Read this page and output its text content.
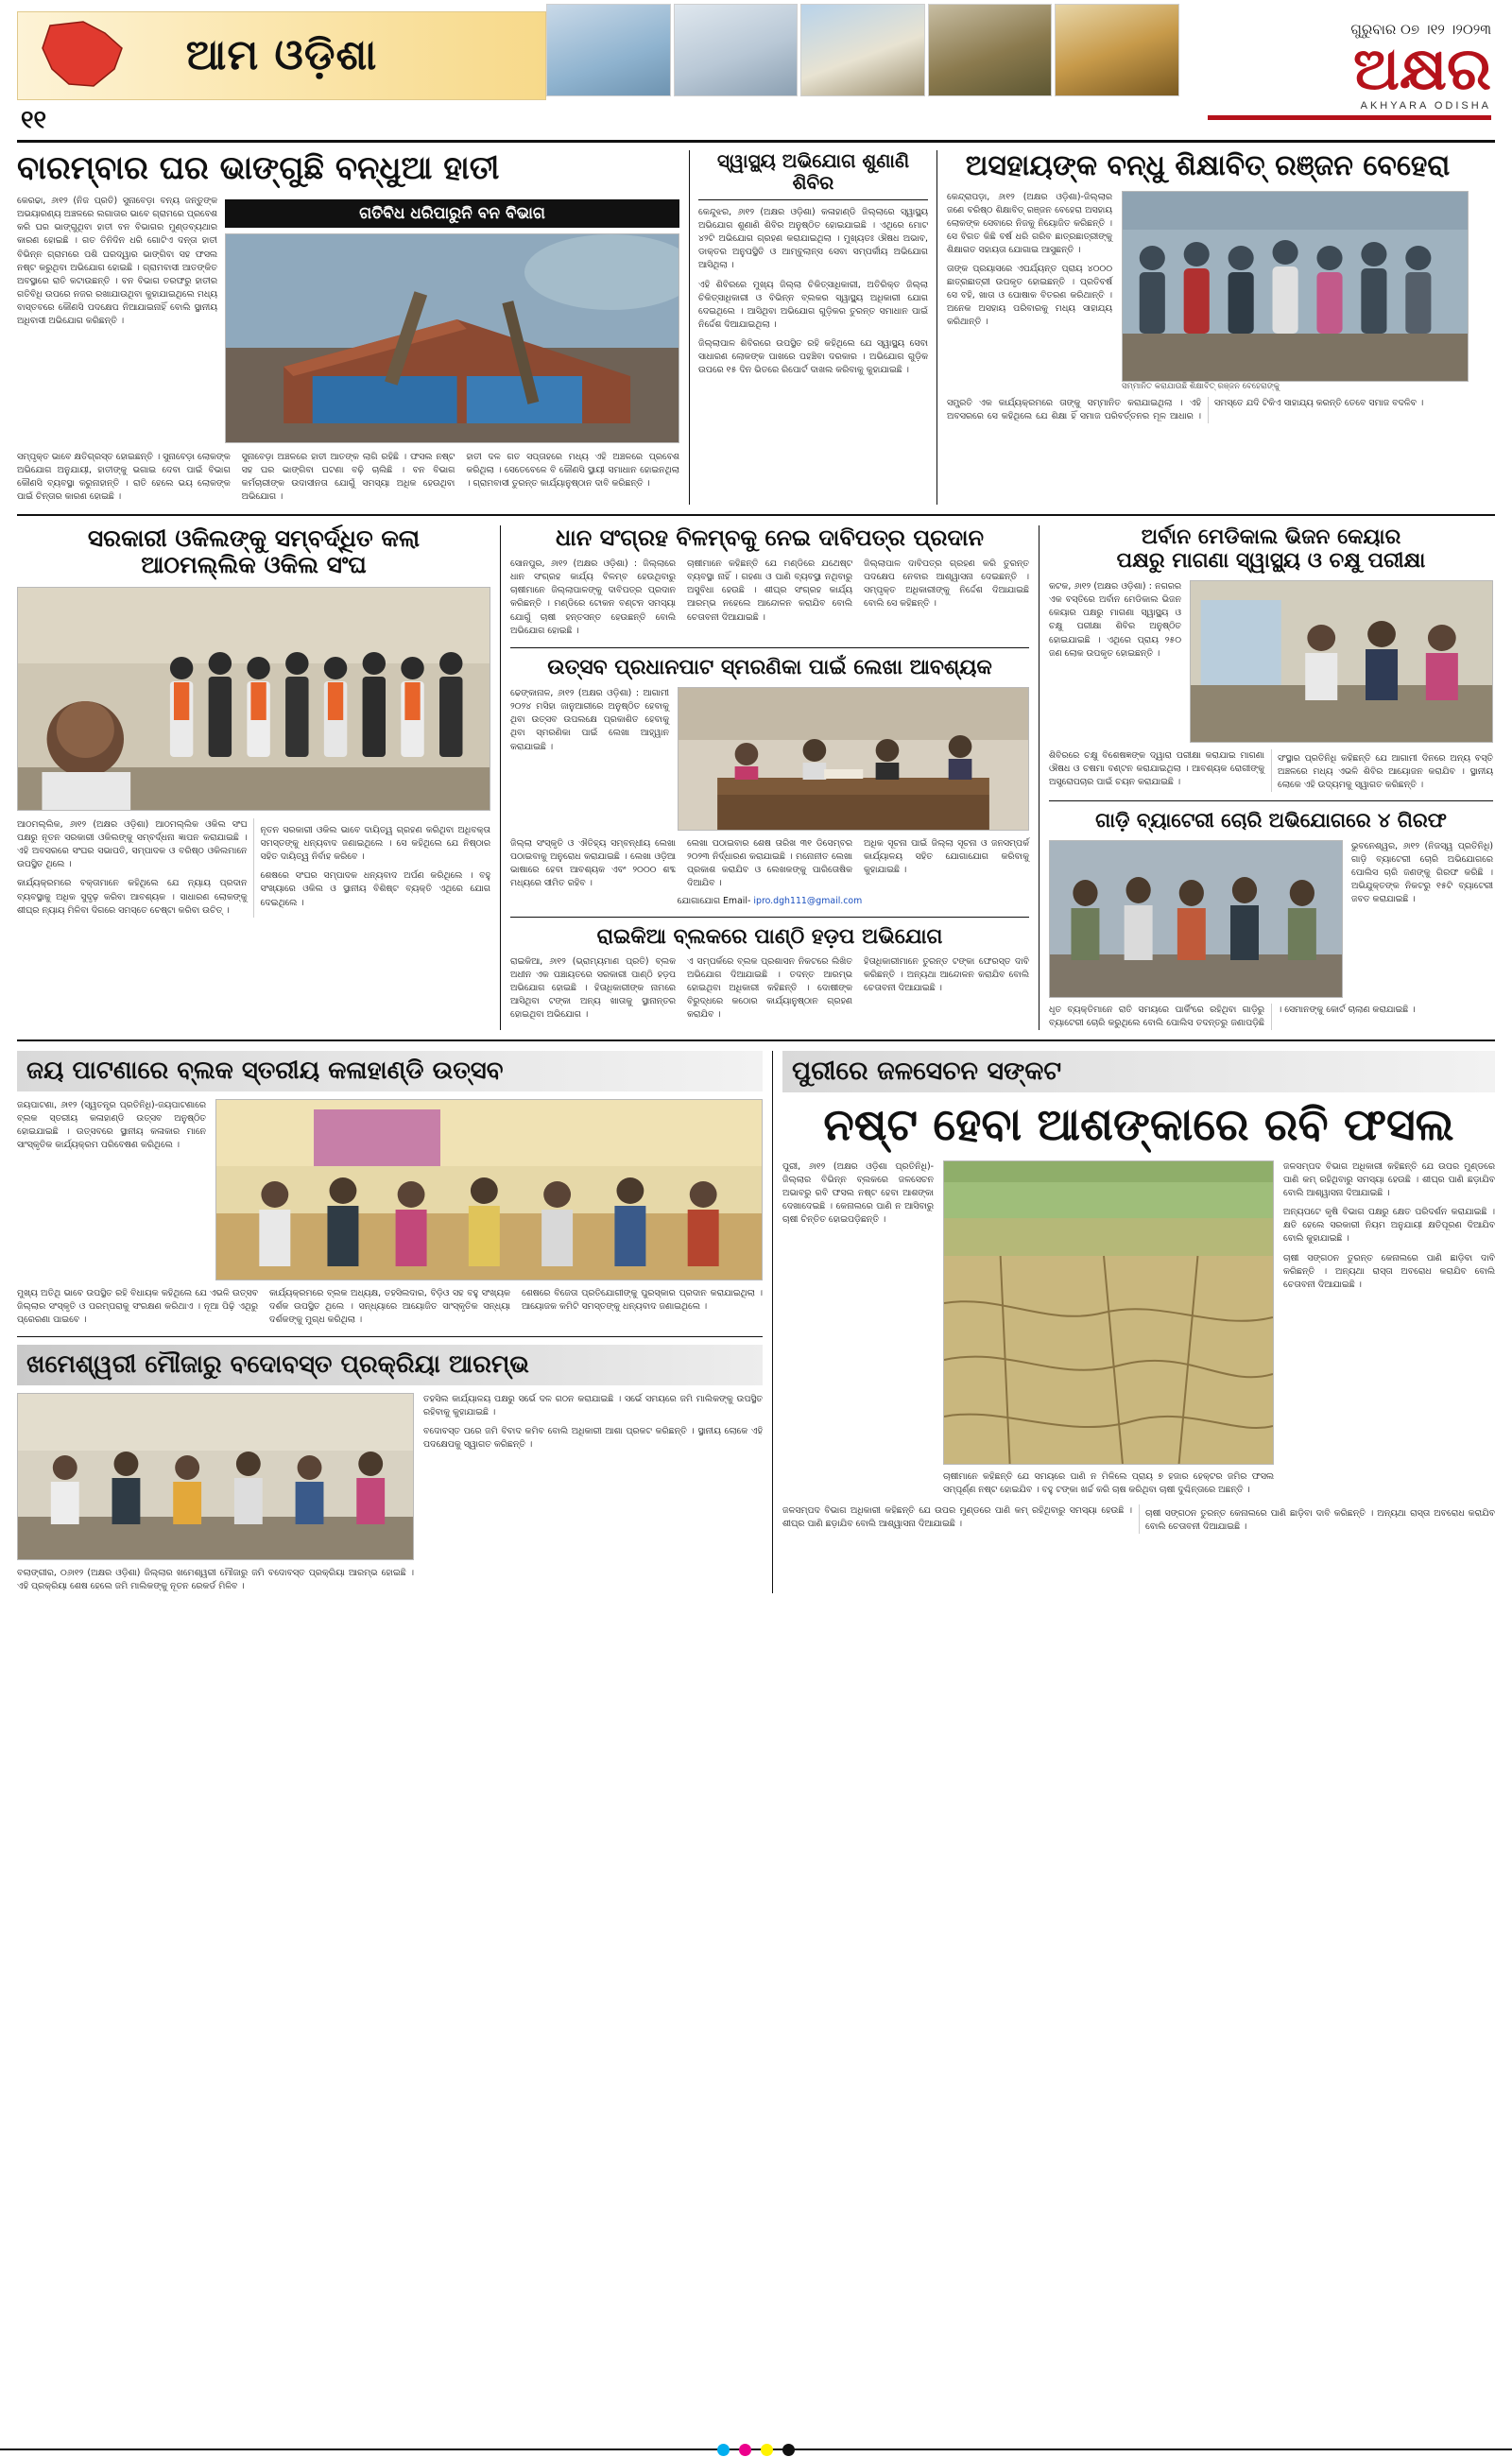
ଆମ ଓଡ଼ିଶା
୧୧
ଗୁରୁବାର ୦୭ ।୧୨ ।୨୦୨୩
ଅକ୍ଷର
AKHYARA ODISHA
ବାରମ୍ବାର ଘର ଭାଙ୍ଗୁଛି ବନ୍ଧୁଆ ହାତୀ
କେରଢା, ୬ା୧୨ (ନିଜ ପ୍ରତି) ସୁନାବେଡ଼ା ବନ୍ୟ ଜନ୍ତୁଙ୍କ ଅଭୟାରଣ୍ୟ ଅଞ୍ଚଳରେ ଲଗାତାର ଭାବେ ଗ୍ରାମରେ ପ୍ରବେଶ କରି ଘର ଭାଙ୍ଗୁଥିବା ହାତୀ ବନ ବିଭାଗର ମୁଣ୍ଡବ୍ୟଥାର କାରଣ ହୋଇଛି । ଗତ ତିନିଦିନ ଧରି ଗୋଟିଏ ଦନ୍ତା ହାତୀ ବିଭିନ୍ନ ଗ୍ରାମରେ ପଶି ଘରଦ୍ୱାର ଭାଙ୍ଗିବା ସହ ଫସଲ ନଷ୍ଟ କରୁଥିବା ଅଭିଯୋଗ ହୋଇଛି । ଗ୍ରାମବାସୀ ଆତଙ୍କିତ ଅବସ୍ଥାରେ ରାତି କଟାଉଛନ୍ତି । ବନ ବିଭାଗ ତରଫରୁ ହାତୀର ଗତିବିଧି ଉପରେ ନଜର ରଖାଯାଉଥିବା କୁହାଯାଇଥିଲେ ମଧ୍ୟ ବାସ୍ତବରେ କୌଣସି ପଦକ୍ଷେପ ନିଆଯାଇନାହିଁ ବୋଲି ସ୍ଥାନୀୟ ଅଧିବାସୀ ଅଭିଯୋଗ କରିଛନ୍ତି ।
ଗତିବିଧ ଧରିପାରୁନି ବନ ବିଭାଗ
ସମ୍ପୃକ୍ତ ଭାବେ କ୍ଷତିଗ୍ରସ୍ତ ହୋଇଛନ୍ତି । ସୁନାବେଡ଼ା ଲୋକଙ୍କ ଅଭିଯୋଗ ଅନୁଯାୟୀ, ହାତୀଙ୍କୁ ଭଗାଇ ଦେବା ପାଇଁ ବିଭାଗ କୌଣସି ବ୍ୟବସ୍ଥା କରୁନାହାନ୍ତି । ରାତି ହେଲେ ଭୟ ଲୋକଙ୍କ ପାଇଁ ଚିନ୍ତାର କାରଣ ହୋଇଛି ।
ସୁନାବେଡ଼ା ଅଞ୍ଚଳରେ ହାତୀ ଆତଙ୍କ ଲାଗି ରହିଛି । ଫସଲ ନଷ୍ଟ ସହ ଘର ଭାଙ୍ଗିବା ଘଟଣା ବଢ଼ି ଚାଲିଛି । ବନ ବିଭାଗ କର୍ମଚାରୀଙ୍କ ଉଦାସୀନତା ଯୋଗୁଁ ସମସ୍ୟା ଅଧିକ ହେଉଥିବା ଅଭିଯୋଗ ।
ହାତୀ ଦଳ ଗତ ସପ୍ତାହରେ ମଧ୍ୟ ଏହି ଅଞ୍ଚଳରେ ପ୍ରବେଶ କରିଥିଲା । ସେତେବେଳେ ବି କୌଣସି ସ୍ଥାୟୀ ସମାଧାନ ହୋଇନଥିଲା । ଗ୍ରାମବାସୀ ତୁରନ୍ତ କାର୍ଯ୍ୟାନୁଷ୍ଠାନ ଦାବି କରିଛନ୍ତି ।
ସ୍ୱାସ୍ଥ୍ୟ ଅଭିଯୋଗ ଶୁଣାଣି ଶିବିର
କେନ୍ଦୁଝର, ୬ା୧୨ (ଅକ୍ଷର ଓଡ଼ିଶା) କଳାହାଣ୍ଡି ଜିଲ୍ଲାରେ ସ୍ୱାସ୍ଥ୍ୟ ଅଭିଯୋଗ ଶୁଣାଣି ଶିବିର ଅନୁଷ୍ଠିତ ହୋଇଯାଇଛି । ଏଥିରେ ମୋଟ ୪୨ଟି ଅଭିଯୋଗ ଗ୍ରହଣ କରାଯାଇଥିଲା । ମୁଖ୍ୟତଃ ଔଷଧ ଅଭାବ, ଡାକ୍ତର ଅନୁପସ୍ଥିତି ଓ ଆମ୍ବୁଲାନ୍ସ ସେବା ସମ୍ପର୍କୀୟ ଅଭିଯୋଗ ଆସିଥିଲା ।
ଏହି ଶିବିରରେ ମୁଖ୍ୟ ଜିଲ୍ଲା ଚିକିତ୍ସାଧିକାରୀ, ଅତିରିକ୍ତ ଜିଲ୍ଲା ଚିକିତ୍ସାଧିକାରୀ ଓ ବିଭିନ୍ନ ବ୍ଲକର ସ୍ୱାସ୍ଥ୍ୟ ଅଧିକାରୀ ଯୋଗ ଦେଇଥିଲେ । ଆସିଥିବା ଅଭିଯୋଗ ଗୁଡ଼ିକର ତୁରନ୍ତ ସମାଧାନ ପାଇଁ ନିର୍ଦ୍ଦେଶ ଦିଆଯାଇଥିଲା ।
ଜିଲ୍ଲାପାଳ ଶିବିରରେ ଉପସ୍ଥିତ ରହି କହିଥିଲେ ଯେ ସ୍ୱାସ୍ଥ୍ୟ ସେବା ସାଧାରଣ ଲୋକଙ୍କ ପାଖରେ ପହଞ୍ଚିବା ଦରକାର । ଅଭିଯୋଗ ଗୁଡ଼ିକ ଉପରେ ୧୫ ଦିନ ଭିତରେ ରିପୋର୍ଟ ଦାଖଲ କରିବାକୁ କୁହାଯାଇଛି ।
ଅସହାୟଙ୍କ ବନ୍ଧୁ ଶିକ୍ଷାବିତ୍ ରଞ୍ଜନ ବେହେରା
କେନ୍ଦ୍ରାପଡ଼ା, ୬ା୧୨ (ଅକ୍ଷର ଓଡ଼ିଶା)-ଜିଲ୍ଲାର ଜଣେ ବରିଷ୍ଠ ଶିକ୍ଷାବିତ୍ ରଞ୍ଜନ ବେହେରା ଅସହାୟ ଲୋକଙ୍କ ସେବାରେ ନିଜକୁ ନିୟୋଜିତ କରିଛନ୍ତି । ସେ ବିଗତ କିଛି ବର୍ଷ ଧରି ଗରିବ ଛାତ୍ରଛାତ୍ରୀଙ୍କୁ ଶିକ୍ଷାଗତ ସହାୟତା ଯୋଗାଇ ଆସୁଛନ୍ତି ।
ତାଙ୍କ ପ୍ରୟାସରେ ଏପର୍ଯ୍ୟନ୍ତ ପ୍ରାୟ ୪୦୦୦ ଛାତ୍ରଛାତ୍ରୀ ଉପକୃତ ହୋଇଛନ୍ତି । ପ୍ରତିବର୍ଷ ସେ ବହି, ଖାତା ଓ ପୋଷାକ ବିତରଣ କରିଥାନ୍ତି । ଅନେକ ଅସହାୟ ପରିବାରକୁ ମଧ୍ୟ ସାହାଯ୍ୟ କରିଥାନ୍ତି ।
ସମ୍ମାନିତ କରାଯାଉଛି ଶିକ୍ଷାବିତ୍ ରଞ୍ଜନ ବେହେରାଙ୍କୁ
ସମ୍ପ୍ରତି ଏକ କାର୍ଯ୍ୟକ୍ରମରେ ତାଙ୍କୁ ସମ୍ମାନିତ କରାଯାଇଥିଲା । ଏହି ଅବସରରେ ସେ କହିଥିଲେ ଯେ ଶିକ୍ଷା ହିଁ ସମାଜ ପରିବର୍ତ୍ତନର ମୂଳ ଆଧାର । ସମସ୍ତେ ଯଦି ଟିକିଏ ସାହାଯ୍ୟ କରନ୍ତି ତେବେ ସମାଜ ବଦଳିବ ।
ସରକାରୀ ଓକିଲଙ୍କୁ ସମ୍ବର୍ଦ୍ଧିତ କଲା
ଆଠମଲ୍ଲିକ ଓକିଲ ସଂଘ
ଆଠମଲ୍ଲିକ, ୬ା୧୨ (ଅକ୍ଷର ଓଡ଼ିଶା) ଆଠମଲ୍ଲିକ ଓକିଲ ସଂଘ ପକ୍ଷରୁ ନୂତନ ସରକାରୀ ଓକିଲଙ୍କୁ ସମ୍ବର୍ଦ୍ଧନା ଜ୍ଞାପନ କରାଯାଇଛି । ଏହି ଅବସରରେ ସଂଘର ସଭାପତି, ସମ୍ପାଦକ ଓ ବରିଷ୍ଠ ଓକିଲମାନେ ଉପସ୍ଥିତ ଥିଲେ ।
କାର୍ଯ୍ୟକ୍ରମରେ ବକ୍ତାମାନେ କହିଥିଲେ ଯେ ନ୍ୟାୟ ପ୍ରଦାନ ବ୍ୟବସ୍ଥାକୁ ଅଧିକ ସୁଦୃଢ଼ କରିବା ଆବଶ୍ୟକ । ସାଧାରଣ ଲୋକଙ୍କୁ ଶୀଘ୍ର ନ୍ୟାୟ ମିଳିବା ଦିଗରେ ସମସ୍ତେ ଚେଷ୍ଟା କରିବା ଉଚିତ୍ ।
ନୂତନ ସରକାରୀ ଓକିଲ ଭାବେ ଦାୟିତ୍ୱ ଗ୍ରହଣ କରିଥିବା ଅଧିବକ୍ତା ସମସ୍ତଙ୍କୁ ଧନ୍ୟବାଦ ଜଣାଇଥିଲେ । ସେ କହିଥିଲେ ଯେ ନିଷ୍ଠାର ସହିତ ଦାୟିତ୍ୱ ନିର୍ବାହ କରିବେ ।
ଶେଷରେ ସଂଘର ସମ୍ପାଦକ ଧନ୍ୟବାଦ ଅର୍ପଣ କରିଥିଲେ । ବହୁ ସଂଖ୍ୟାରେ ଓକିଲ ଓ ସ୍ଥାନୀୟ ବିଶିଷ୍ଟ ବ୍ୟକ୍ତି ଏଥିରେ ଯୋଗ ଦେଇଥିଲେ ।
ଧାନ ସଂଗ୍ରହ ବିଳମ୍ବକୁ ନେଇ ଦାବିପତ୍ର ପ୍ରଦାନ
ସୋନପୁର, ୬ା୧୨ (ଅକ୍ଷର ଓଡ଼ିଶା) : ଜିଲ୍ଲାରେ ଧାନ ସଂଗ୍ରହ କାର୍ଯ୍ୟ ବିଳମ୍ବ ହେଉଥିବାରୁ ଚାଷୀମାନେ ଜିଲ୍ଲାପାଳଙ୍କୁ ଦାବିପତ୍ର ପ୍ରଦାନ କରିଛନ୍ତି । ମଣ୍ଡିରେ ଟୋକନ ବଣ୍ଟନ ସମସ୍ୟା ଯୋଗୁଁ ଚାଷୀ ହନ୍ତସନ୍ତ ହେଉଛନ୍ତି ବୋଲି ଅଭିଯୋଗ ହୋଇଛି ।
ଚାଷୀମାନେ କହିଛନ୍ତି ଯେ ମଣ୍ଡିରେ ଯଥେଷ୍ଟ ବ୍ୟବସ୍ଥା ନାହିଁ । ଗହଣା ଓ ପାଣି ବ୍ୟବସ୍ଥା ନଥିବାରୁ ଅସୁବିଧା ହେଉଛି । ଶୀଘ୍ର ସଂଗ୍ରହ କାର୍ଯ୍ୟ ଆରମ୍ଭ ନହେଲେ ଆନ୍ଦୋଳନ କରାଯିବ ବୋଲି ଚେତାବନୀ ଦିଆଯାଇଛି ।
ଜିଲ୍ଲାପାଳ ଦାବିପତ୍ର ଗ୍ରହଣ କରି ତୁରନ୍ତ ପଦକ୍ଷେପ ନେବାର ଆଶ୍ୱାସନା ଦେଇଛନ୍ତି । ସମ୍ପୃକ୍ତ ଅଧିକାରୀଙ୍କୁ ନିର୍ଦ୍ଦେଶ ଦିଆଯାଇଛି ବୋଲି ସେ କହିଛନ୍ତି ।
ଉତ୍ସବ ପ୍ରଧାନପାଟ ସ୍ମରଣିକା ପାଇଁ ଲେଖା ଆବଶ୍ୟକ
ଢେଙ୍କାନାଳ, ୬ା୧୨ (ଅକ୍ଷର ଓଡ଼ିଶା) : ଆଗାମୀ ୨୦୨୪ ମସିହା ଜାନୁଆରୀରେ ଅନୁଷ୍ଠିତ ହେବାକୁ ଥିବା ଉତ୍ସବ ଉପଲକ୍ଷେ ପ୍ରକାଶିତ ହେବାକୁ ଥିବା ସ୍ମରଣିକା ପାଇଁ ଲେଖା ଆହ୍ୱାନ କରାଯାଇଛି ।
ଜିଲ୍ଲା ସଂସ୍କୃତି ଓ ଐତିହ୍ୟ ସମ୍ବନ୍ଧୀୟ ଲେଖା ପଠାଇବାକୁ ଅନୁରୋଧ କରାଯାଇଛି । ଲେଖା ଓଡ଼ିଆ ଭାଷାରେ ହେବା ଆବଶ୍ୟକ ଏବଂ ୨୦୦୦ ଶବ୍ଦ ମଧ୍ୟରେ ସୀମିତ ରହିବ ।
ଲେଖା ପଠାଇବାର ଶେଷ ତାରିଖ ୩୧ ଡିସେମ୍ବର ୨୦୨୩ ନିର୍ଦ୍ଧାରଣ କରାଯାଇଛି । ମନୋନୀତ ଲେଖା ପ୍ରକାଶ କରାଯିବ ଓ ଲେଖକଙ୍କୁ ପାରିତୋଷିକ ଦିଆଯିବ ।
ଅଧିକ ସୂଚନା ପାଇଁ ଜିଲ୍ଲା ସୂଚନା ଓ ଜନସମ୍ପର୍କ କାର୍ଯ୍ୟାଳୟ ସହିତ ଯୋଗାଯୋଗ କରିବାକୁ କୁହାଯାଇଛି ।
ଯୋଗାଯୋଗ Email- ipro.dgh111@gmail.com
ରାଇକିଆ ବ୍ଲକରେ ପାଣ୍ଠି ହଡ଼ପ ଅଭିଯୋଗ
ରାଇକିଆ, ୬ା୧୨ (ଭ୍ରାମ୍ୟମାଣ ପ୍ରତି) ବ୍ଲକ ଅଧୀନ ଏକ ପଞ୍ଚାୟତରେ ସରକାରୀ ପାଣ୍ଠି ହଡ଼ପ ଅଭିଯୋଗ ହୋଇଛି । ହିତାଧିକାରୀଙ୍କ ନାମରେ ଆସିଥିବା ଟଙ୍କା ଅନ୍ୟ ଖାତାକୁ ସ୍ଥାନାନ୍ତର ହୋଇଥିବା ଅଭିଯୋଗ ।
ଏ ସମ୍ପର୍କରେ ବ୍ଲକ ପ୍ରଶାସନ ନିକଟରେ ଲିଖିତ ଅଭିଯୋଗ ଦିଆଯାଇଛି । ତଦନ୍ତ ଆରମ୍ଭ ହୋଇଥିବା ଅଧିକାରୀ କହିଛନ୍ତି । ଦୋଷୀଙ୍କ ବିରୁଦ୍ଧରେ କଠୋର କାର୍ଯ୍ୟାନୁଷ୍ଠାନ ଗ୍ରହଣ କରାଯିବ ।
ହିତାଧିକାରୀମାନେ ତୁରନ୍ତ ଟଙ୍କା ଫେରସ୍ତ ଦାବି କରିଛନ୍ତି । ଅନ୍ୟଥା ଆନ୍ଦୋଳନ କରାଯିବ ବୋଲି ଚେତାବନୀ ଦିଆଯାଇଛି ।
ଅର୍ବାନ ମେଡିକାଲ ଭିଜନ କେୟାର
ପକ୍ଷରୁ ମାଗଣା ସ୍ୱାସ୍ଥ୍ୟ ଓ ଚକ୍ଷୁ ପରୀକ୍ଷା
କଟକ, ୬ା୧୨ (ଅକ୍ଷର ଓଡ଼ିଶା) : ନଗରର ଏକ ବସ୍ତିରେ ଅର୍ବାନ ମେଡିକାଲ ଭିଜନ କେୟାର ପକ୍ଷରୁ ମାଗଣା ସ୍ୱାସ୍ଥ୍ୟ ଓ ଚକ୍ଷୁ ପରୀକ୍ଷା ଶିବିର ଅନୁଷ୍ଠିତ ହୋଇଯାଇଛି । ଏଥିରେ ପ୍ରାୟ ୨୫୦ ଜଣ ଲୋକ ଉପକୃତ ହୋଇଛନ୍ତି ।
ଶିବିରରେ ଚକ୍ଷୁ ବିଶେଷଜ୍ଞଙ୍କ ଦ୍ୱାରା ପରୀକ୍ଷା କରାଯାଇ ମାଗଣା ଔଷଧ ଓ ଚଷମା ବଣ୍ଟନ କରାଯାଇଥିଲା । ଆବଶ୍ୟକ ରୋଗୀଙ୍କୁ ଅସ୍ତ୍ରୋପଚାର ପାଇଁ ଚୟନ କରାଯାଇଛି ।
ସଂସ୍ଥାର ପ୍ରତିନିଧି କହିଛନ୍ତି ଯେ ଆଗାମୀ ଦିନରେ ଅନ୍ୟ ବସ୍ତି ଅଞ୍ଚଳରେ ମଧ୍ୟ ଏଭଳି ଶିବିର ଆୟୋଜନ କରାଯିବ । ସ୍ଥାନୀୟ ଲୋକେ ଏହି ଉଦ୍ୟମକୁ ସ୍ୱାଗତ କରିଛନ୍ତି ।
ଗାଡ଼ି ବ୍ୟାଟେରୀ ଚୋରି ଅଭିଯୋଗରେ ୪ ଗିରଫ
ଭୁବନେଶ୍ୱର, ୬ା୧୨ (ନିଜସ୍ୱ ପ୍ରତିନିଧି) ଗାଡ଼ି ବ୍ୟାଟେରୀ ଚୋରି ଅଭିଯୋଗରେ ପୋଲିସ ଚାରି ଜଣଙ୍କୁ ଗିରଫ କରିଛି । ଅଭିଯୁକ୍ତଙ୍କ ନିକଟରୁ ୧୫ଟି ବ୍ୟାଟେରୀ ଜବତ କରାଯାଇଛି ।
ଧୃତ ବ୍ୟକ୍ତିମାନେ ରାତି ସମୟରେ ପାର୍କିଂରେ ରହିଥିବା ଗାଡ଼ିରୁ ବ୍ୟାଟେରୀ ଚୋରି କରୁଥିଲେ ବୋଲି ପୋଲିସ ତଦନ୍ତରୁ ଜଣାପଡ଼ିଛି । ସେମାନଙ୍କୁ କୋର୍ଟ ଚାଲାଣ କରାଯାଇଛି ।
ଜୟ ପାଟଣାରେ ବ୍ଲକ ସ୍ତରୀୟ କଳାହାଣ୍ଡି ଉତ୍ସବ
ଜୟପାଟଣା, ୬ା୧୨ (ସ୍ୱତନ୍ତ୍ର ପ୍ରତିନିଧି)-ଜୟପାଟଣାରେ ବ୍ଲକ ସ୍ତରୀୟ କଳାହାଣ୍ଡି ଉତ୍ସବ ଅନୁଷ୍ଠିତ ହୋଇଯାଇଛି । ଉତ୍ସବରେ ସ୍ଥାନୀୟ କଳାକାର ମାନେ ସାଂସ୍କୃତିକ କାର୍ଯ୍ୟକ୍ରମ ପରିବେଷଣ କରିଥିଲେ ।
ମୁଖ୍ୟ ଅତିଥି ଭାବେ ଉପସ୍ଥିତ ରହି ବିଧାୟକ କହିଥିଲେ ଯେ ଏଭଳି ଉତ୍ସବ ଜିଲ୍ଲାର ସଂସ୍କୃତି ଓ ପରମ୍ପରାକୁ ସଂରକ୍ଷଣ କରିଥାଏ । ନୂଆ ପିଢ଼ି ଏଥିରୁ ପ୍ରେରଣା ପାଇବେ ।
କାର୍ଯ୍ୟକ୍ରମରେ ବ୍ଲକ ଅଧ୍ୟକ୍ଷ, ତହସିଲଦାର, ବିଡ଼ିଓ ସହ ବହୁ ସଂଖ୍ୟକ ଦର୍ଶକ ଉପସ୍ଥିତ ଥିଲେ । ସନ୍ଧ୍ୟାରେ ଆୟୋଜିତ ସାଂସ୍କୃତିକ ସନ୍ଧ୍ୟା ଦର୍ଶକଙ୍କୁ ମୁଗ୍ଧ କରିଥିଲା ।
ଶେଷରେ ବିଜେତା ପ୍ରତିଯୋଗୀଙ୍କୁ ପୁରସ୍କାର ପ୍ରଦାନ କରାଯାଇଥିଲା । ଆୟୋଜକ କମିଟି ସମସ୍ତଙ୍କୁ ଧନ୍ୟବାଦ ଜଣାଇଥିଲେ ।
ଖମେଶ୍ୱରୀ ମୌଜାରୁ ବଦୋବସ୍ତ ପ୍ରକ୍ରିୟା ଆରମ୍ଭ
ବଲାଙ୍ଗୀର, ୦୬ା୧୨ (ଅକ୍ଷର ଓଡ଼ିଶା) ଜିଲ୍ଲାର ଖମେଶ୍ୱରୀ ମୌଜାରୁ ଜମି ବଦୋବସ୍ତ ପ୍ରକ୍ରିୟା ଆରମ୍ଭ ହୋଇଛି । ଏହି ପ୍ରକ୍ରିୟା ଶେଷ ହେଲେ ଜମି ମାଲିକଙ୍କୁ ନୂତନ ରେକର୍ଡ ମିଳିବ ।
ତହସିଲ କାର୍ଯ୍ୟାଳୟ ପକ୍ଷରୁ ସର୍ଭେ ଦଳ ଗଠନ କରାଯାଇଛି । ସର୍ଭେ ସମୟରେ ଜମି ମାଲିକଙ୍କୁ ଉପସ୍ଥିତ ରହିବାକୁ କୁହାଯାଇଛି ।
ବଦୋବସ୍ତ ପରେ ଜମି ବିବାଦ କମିବ ବୋଲି ଅଧିକାରୀ ଆଶା ପ୍ରକଟ କରିଛନ୍ତି । ସ୍ଥାନୀୟ ଲୋକେ ଏହି ପଦକ୍ଷେପକୁ ସ୍ୱାଗତ କରିଛନ୍ତି ।
ପୁରୀରେ ଜଳସେଚନ ସଙ୍କଟ
ନଷ୍ଟ ହେବା ଆଶଙ୍କାରେ ରବି ଫସଲ
ପୁରୀ, ୬ା୧୨ (ଅକ୍ଷର ଓଡ଼ିଶା ପ୍ରତିନିଧି)- ଜିଲ୍ଲାର ବିଭିନ୍ନ ବ୍ଲକରେ ଜଳସେଚନ ଅଭାବରୁ ରବି ଫସଲ ନଷ୍ଟ ହେବା ଆଶଙ୍କା ଦେଖାଦେଇଛି । କେନାଲରେ ପାଣି ନ ଆସିବାରୁ ଚାଷୀ ଚିନ୍ତିତ ହୋଇପଡ଼ିଛନ୍ତି ।
ଚାଷୀମାନେ କହିଛନ୍ତି ଯେ ସମୟରେ ପାଣି ନ ମିଳିଲେ ପ୍ରାୟ ୭ ହଜାର ହେକ୍ଟର ଜମିର ଫସଲ ସମ୍ପୂର୍ଣ୍ଣ ନଷ୍ଟ ହୋଇଯିବ । ବହୁ ଟଙ୍କା ଖର୍ଚ୍ଚ କରି ଚାଷ କରିଥିବା ଚାଷୀ ଦୁଶ୍ଚିନ୍ତାରେ ଅଛନ୍ତି ।
ଜଳସମ୍ପଦ ବିଭାଗ ଅଧିକାରୀ କହିଛନ୍ତି ଯେ ଉପର ମୁଣ୍ଡରେ ପାଣି କମ୍ ରହିଥିବାରୁ ସମସ୍ୟା ହେଉଛି । ଶୀଘ୍ର ପାଣି ଛଡ଼ାଯିବ ବୋଲି ଆଶ୍ୱାସନା ଦିଆଯାଇଛି ।
ଅନ୍ୟପଟେ କୃଷି ବିଭାଗ ପକ୍ଷରୁ କ୍ଷେତ ପରିଦର୍ଶନ କରାଯାଇଛି । କ୍ଷତି ହେଲେ ସରକାରୀ ନିୟମ ଅନୁଯାୟୀ କ୍ଷତିପୂରଣ ଦିଆଯିବ ବୋଲି କୁହାଯାଇଛି ।
ଚାଷୀ ସଙ୍ଗଠନ ତୁରନ୍ତ କେନାଲରେ ପାଣି ଛାଡ଼ିବା ଦାବି କରିଛନ୍ତି । ଅନ୍ୟଥା ରାସ୍ତା ଅବରୋଧ କରାଯିବ ବୋଲି ଚେତାବନୀ ଦିଆଯାଇଛି ।
ଜଳସମ୍ପଦ ବିଭାଗ ଅଧିକାରୀ କହିଛନ୍ତି ଯେ ଉପର ମୁଣ୍ଡରେ ପାଣି କମ୍ ରହିଥିବାରୁ ସମସ୍ୟା ହେଉଛି । ଶୀଘ୍ର ପାଣି ଛଡ଼ାଯିବ ବୋଲି ଆଶ୍ୱାସନା ଦିଆଯାଇଛି ।
ଚାଷୀ ସଙ୍ଗଠନ ତୁରନ୍ତ କେନାଲରେ ପାଣି ଛାଡ଼ିବା ଦାବି କରିଛନ୍ତି । ଅନ୍ୟଥା ରାସ୍ତା ଅବରୋଧ କରାଯିବ ବୋଲି ଚେତାବନୀ ଦିଆଯାଇଛି ।
